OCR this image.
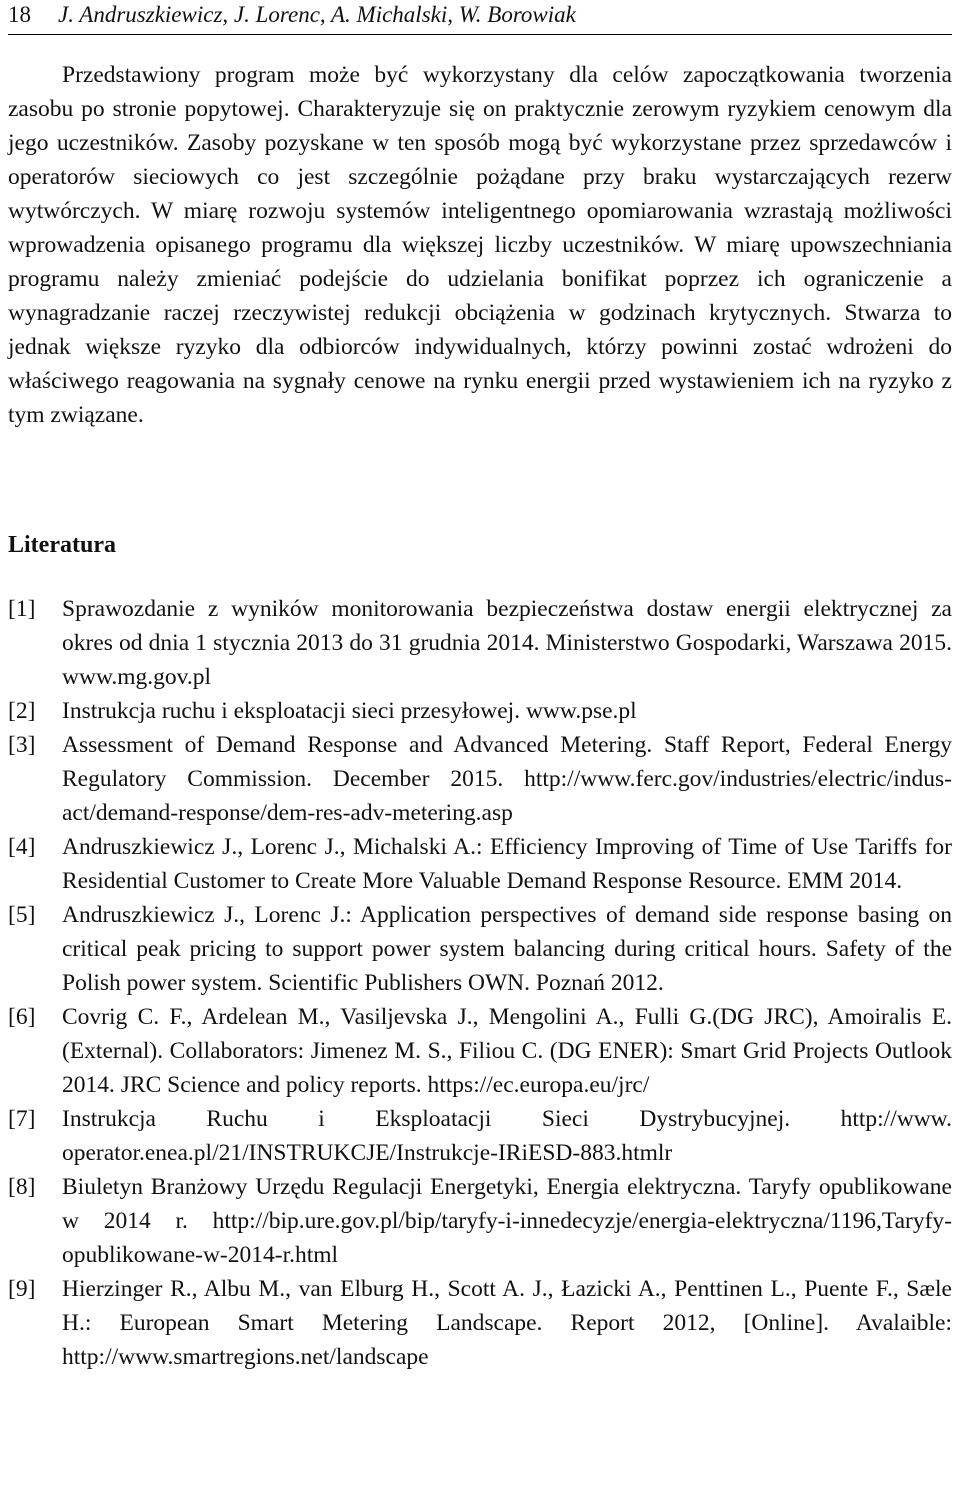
18 J. Andruszkiewicz, J. Lorenc, A. Michalski, W. Borowiak

Przedstawiony program może być wykorzystany dla celów zapoczątkowania tworzenia zasobu po stronie popytowej. Charakteryzuje się on praktycznie zerowym ryzykiem cenowym dla jego uczestników. Zasoby pozyskane w ten sposób mogą być wykorzystane przez sprzedawców i operatorów sieciowych co jest szczególnie pożądane przy braku wystarczających rezerw wytwórczych. W miarę rozwoju systemów inteligentnego opomiarowania wzrastają możliwości wprowadzenia opisanego programu dla większej liczby uczestników. W miarę upowszechniania programu należy zmieniać podejście do udzielania bonifikat poprzez ich ograniczenie a wynagradzanie raczej rzeczywistej redukcji obciążenia w godzinach krytycznych. Stwarza to jednak większe ryzyko dla odbiorców indywidualnych, którzy powinni zostać wdrożeni do właściwego reagowania na sygnały cenowe na rynku energii przed wystawieniem ich na ryzyko z tym związane.

Literatura
[1] Sprawozdanie z wyników monitorowania bezpieczeństwa dostaw energii elektrycznej za okres od dnia 1 stycznia 2013 do 31 grudnia 2014. Ministerstwo Gospodarki, Warszawa 2015. www.mg.gov.pl
[2] Instrukcja ruchu i eksploatacji sieci przesyłowej. www.pse.pl
[3] Assessment of Demand Response and Advanced Metering. Staff Report, Federal Energy Regulatory Commission. December 2015. http://www.ferc.gov/industries/electric/indus-act/demand-response/dem-res-adv-metering.asp
[4] Andruszkiewicz J., Lorenc J., Michalski A.: Efficiency Improving of Time of Use Tariffs for Residential Customer to Create More Valuable Demand Response Resource. EMM 2014.
[5] Andruszkiewicz J., Lorenc J.: Application perspectives of demand side response basing on critical peak pricing to support power system balancing during critical hours. Safety of the Polish power system. Scientific Publishers OWN. Poznań 2012.
[6] Covrig C. F., Ardelean M., Vasiljevska J., Mengolini A., Fulli G.(DG JRC), Amoiralis E. (External). Collaborators: Jimenez M. S., Filiou C. (DG ENER): Smart Grid Projects Outlook 2014. JRC Science and policy reports. https://ec.europa.eu/jrc/
[7] Instrukcja Ruchu i Eksploatacji Sieci Dystrybucyjnej. http://www. operator.enea.pl/21/INSTRUKCJE/Instrukcje-IRiESD-883.htmlr
[8] Biuletyn Branżowy Urzędu Regulacji Energetyki, Energia elektryczna. Taryfy opublikowane w 2014 r. http://bip.ure.gov.pl/bip/taryfy-i-innedecyzje/energia-elektryczna/1196,Taryfy-opublikowane-w-2014-r.html
[9] Hierzinger R., Albu M., van Elburg H., Scott A. J., Łazicki A., Penttinen L., Puente F., Sæle H.: European Smart Metering Landscape. Report 2012, [Online]. Avalaible: http://www.smartregions.net/landscape
